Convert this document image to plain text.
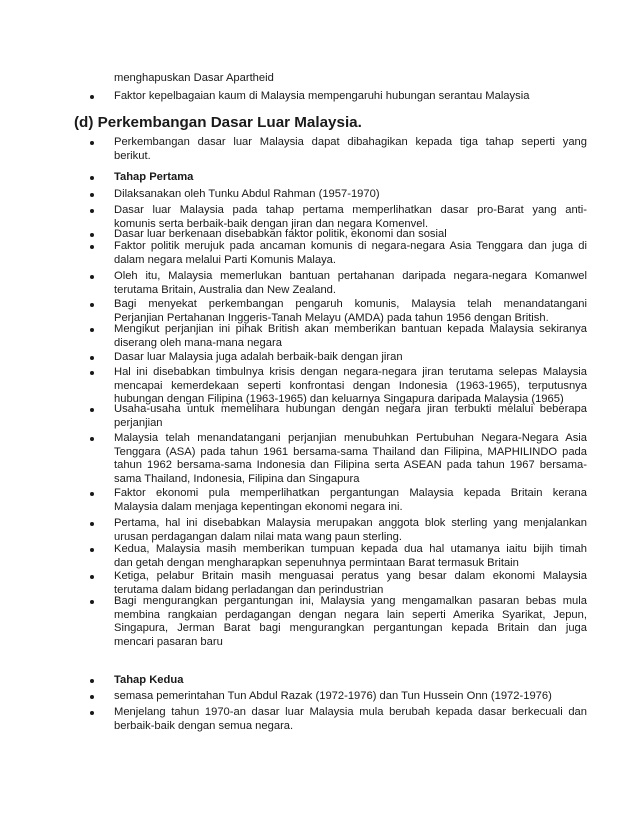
menghapuskan Dasar Apartheid
Faktor kepelbagaian kaum di Malaysia mempengaruhi hubungan serantau Malaysia
(d) Perkembangan Dasar Luar Malaysia.
Perkembangan dasar luar Malaysia dapat dibahagikan kepada tiga tahap seperti yang
berikut.
Tahap Pertama
Dilaksanakan oleh Tunku Abdul Rahman (1957-1970)
Dasar luar Malaysia pada tahap pertama memperlihatkan dasar pro-Barat yang anti-
komunis serta berbaik-baik dengan jiran dan negara Komenvel.
Dasar luar berkenaan disebabkan faktor politik, ekonomi dan sosial
Faktor politik merujuk pada ancaman komunis di negara-negara Asia Tenggara dan juga di
dalam negara melalui Parti Komunis Malaya.
Oleh itu, Malaysia memerlukan bantuan pertahanan daripada negara-negara Komanwel
terutama Britain, Australia dan New Zealand.
Bagi menyekat perkembangan pengaruh komunis, Malaysia telah menandatangani
Perjanjian Pertahanan Inggeris-Tanah Melayu (AMDA) pada tahun 1956 dengan British.
Mengikut perjanjian ini pihak British akan memberikan bantuan kepada Malaysia sekiranya
diserang oleh mana-mana negara
Dasar luar Malaysia juga adalah berbaik-baik dengan jiran
Hal ini disebabkan timbulnya krisis dengan negara-negara jiran terutama selepas Malaysia
mencapai kemerdekaan seperti konfrontasi dengan Indonesia (1963-1965), terputusnya
hubungan dengan Filipina (1963-1965) dan keluarnya Singapura daripada Malaysia (1965)
Usaha-usaha untuk memelihara hubungan dengan negara jiran terbukti melalui beberapa
perjanjian
Malaysia telah menandatangani perjanjian menubuhkan Pertubuhan Negara-Negara Asia
Tenggara (ASA) pada tahun 1961 bersama-sama Thailand dan Filipina, MAPHILINDO pada
tahun 1962 bersama-sama Indonesia dan Filipina serta ASEAN pada tahun 1967 bersama-
sama Thailand, Indonesia, Filipina dan Singapura
Faktor ekonomi pula memperlihatkan pergantungan Malaysia kepada Britain kerana
Malaysia dalam menjaga kepentingan ekonomi negara ini.
Pertama, hal ini disebabkan Malaysia merupakan anggota blok sterling yang menjalankan
urusan perdagangan dalam nilai mata wang paun sterling.
Kedua, Malaysia masih memberikan tumpuan kepada dua hal utamanya iaitu bijih timah
dan getah dengan mengharapkan sepenuhnya permintaan Barat termasuk Britain
Ketiga, pelabur Britain masih menguasai peratus yang besar dalam ekonomi Malaysia
terutama dalam bidang perladangan dan perindustrian
Bagi mengurangkan pergantungan ini, Malaysia yang mengamalkan pasaran bebas mula
membina rangkaian perdagangan dengan negara lain seperti Amerika Syarikat, Jepun,
Singapura, Jerman Barat bagi mengurangkan pergantungan kepada Britain dan juga
mencari pasaran baru
Tahap Kedua
semasa pemerintahan Tun Abdul Razak (1972-1976) dan Tun Hussein Onn (1972-1976)
Menjelang tahun 1970-an dasar luar Malaysia mula berubah kepada dasar berkecuali dan
berbaik-baik dengan semua negara.
